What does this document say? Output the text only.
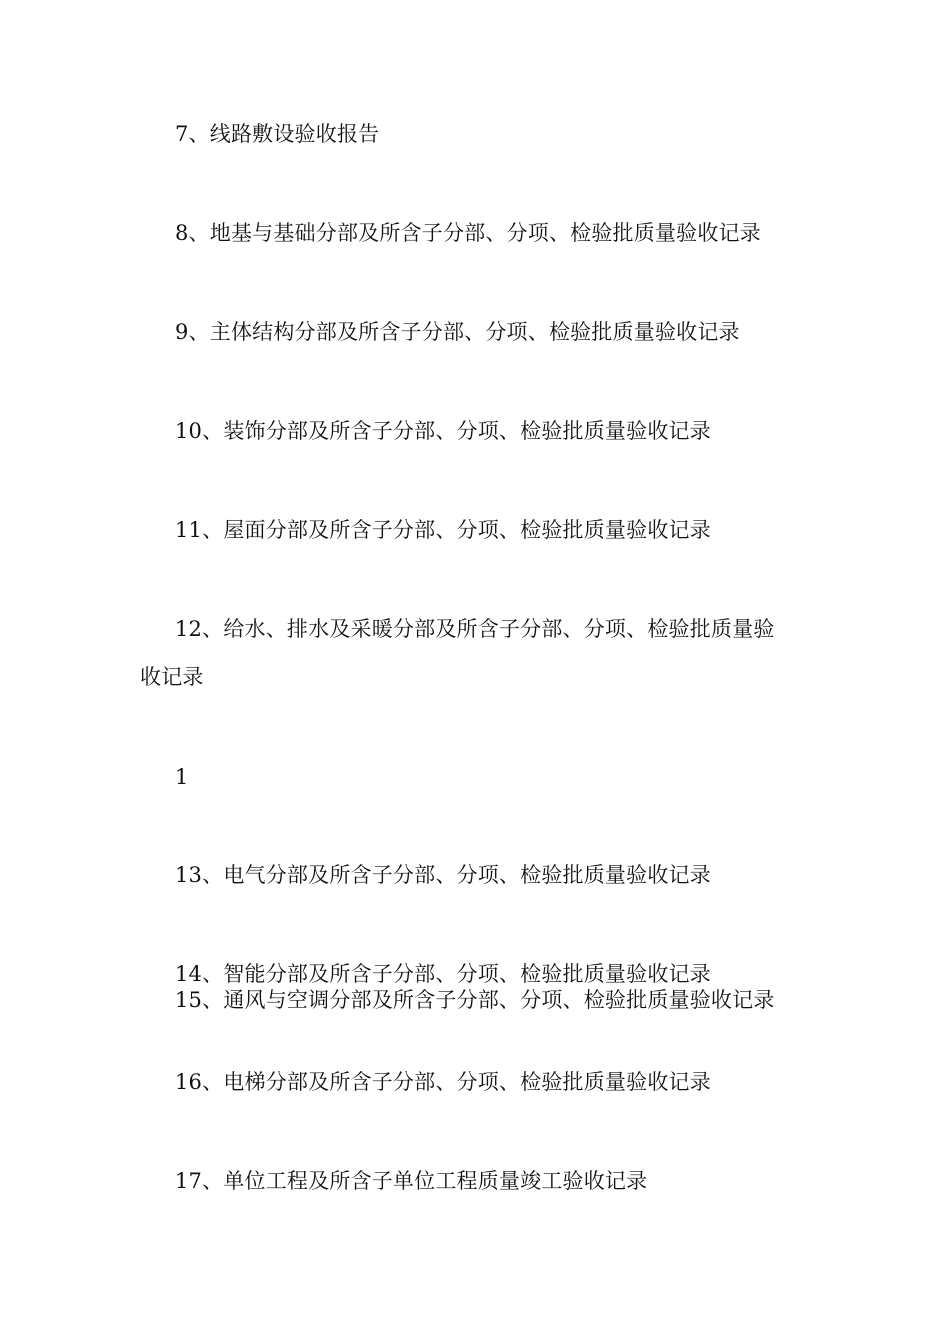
7、线路敷设验收报告
8、地基与基础分部及所含子分部、分项、检验批质量验收记录
9、主体结构分部及所含子分部、分项、检验批质量验收记录
10、装饰分部及所含子分部、分项、检验批质量验收记录
11、屋面分部及所含子分部、分项、检验批质量验收记录
12、给水、排水及采暖分部及所含子分部、分项、检验批质量验
收记录
1
13、电气分部及所含子分部、分项、检验批质量验收记录
14、智能分部及所含子分部、分项、检验批质量验收记录
15、通风与空调分部及所含子分部、分项、检验批质量验收记录
16、电梯分部及所含子分部、分项、检验批质量验收记录
17、单位工程及所含子单位工程质量竣工验收记录
